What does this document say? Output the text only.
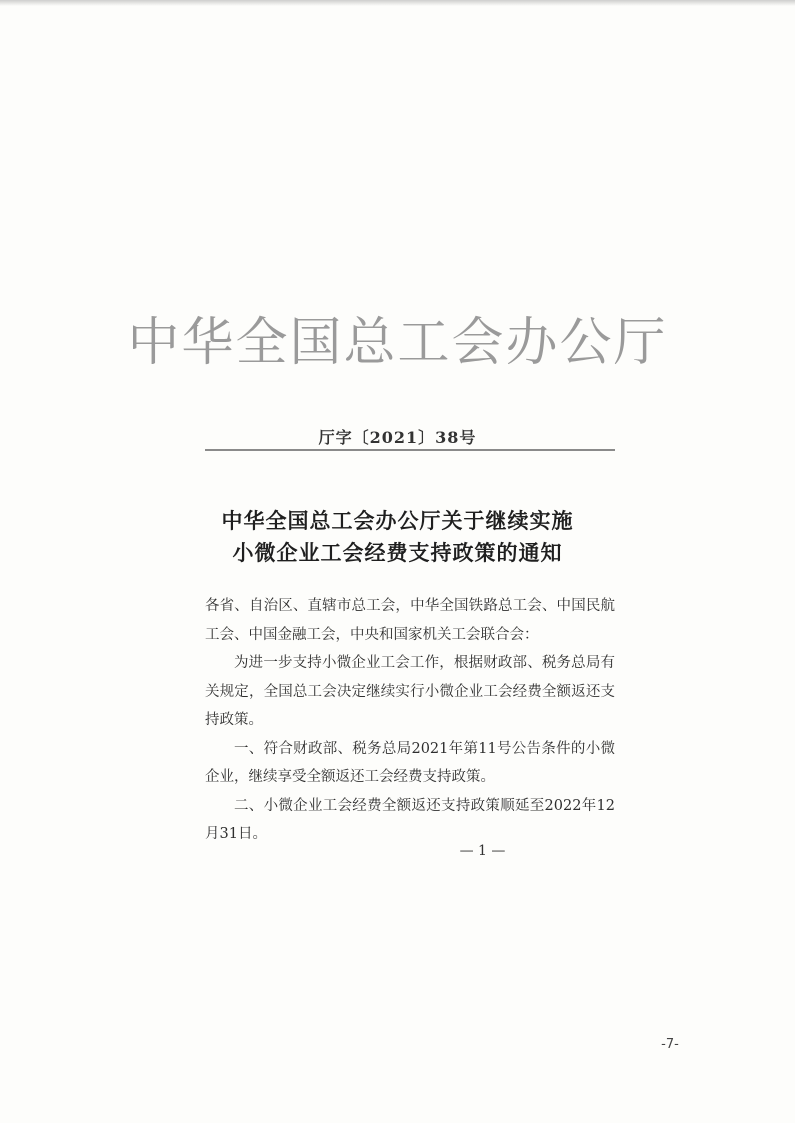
中华全国总工会办公厅
厅字〔2021〕38号
中华全国总工会办公厅关于继续实施
小微企业工会经费支持政策的通知

各省、自治区、直辖市总工会，中华全国铁路总工会、中国民航工会、中国金融工会，中央和国家机关工会联合会：

为进一步支持小微企业工会工作，根据财政部、税务总局有关规定，全国总工会决定继续实行小微企业工会经费全额返还支持政策。

一、符合财政部、税务总局2021年第11号公告条件的小微企业，继续享受全额返还工会经费支持政策。

二、小微企业工会经费全额返还支持政策顺延至2022年12月31日。

— 1 —
-7-
